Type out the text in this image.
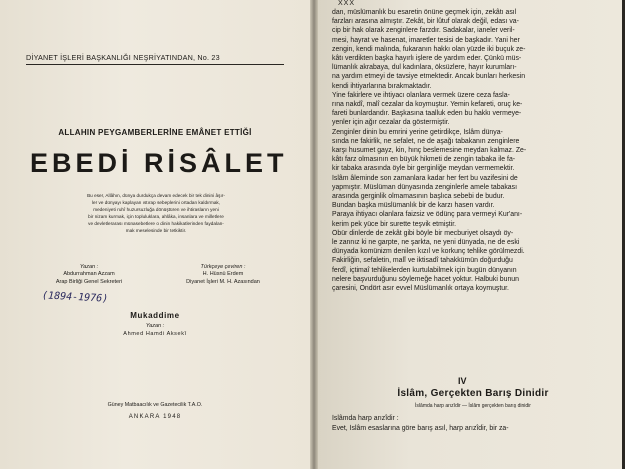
DİYANET İŞLERİ BAŞKANLIĞI NEŞRİYATINDAN, No. 23
ALLAHIN PEYGAMBERLERİNE EMÂNET ETTİĞİ
EBEDİ RİSÂLET
Bu eser, Allâhın, dünya durdukça devam edecek bir tek dinini âşır-
ler ve dünyayı kaplayan ıstırap sebeplerini ortadan kaldırmak,
medeniyeti ruhî huzursuzluğa dönüştüren ve ihtirasların yeni
bir nizam kurmak, için topluluklara, ahlâka, insanlara ve milletlere
ve devletlerarası münasebetlere o dinin hakikatlerinden faydalan-
mak meselesinde bir tetkiktir.
Yazan :
Abdurrahman Azzam
Arap Birliği Genel Sekreteri
Türkçeye çeviren :
H. Hüsnü Erdem
Diyanet İşleri M. H. Azasından
(1894-1976)
Mukaddime
Yazan :
Ahmed Hamdi Aksekî
Güney Matbaacılık ve Gazetecilik T.A.O.
ANKARA 1948
XXX
dan, müslümanlık bu esaretin önüne geçmek için, zekâtı asıl
farzları arasına almıştır. Zekât, bir lûtuf olarak değil, edası va-
cip bir hak olarak zenginlere farzdır. Sadakalar, ianeler veril-
mesi, hayrat ve hasenat, imaretler tesisi de başkadır. Yani her
zengin, kendi malında, fukaranın hakkı olan yüzde iki buçuk ze-
kâtı verdikten başka hayırlı işlere de yardım eder. Çünkü müs-
lümanlık akrabaya, dul kadınlara, öksüzlere, hayır kurumları-
na yardım etmeyi de tavsiye etmektedir. Ancak bunları herkesin
kendi ihtiyarlarına bırakmaktadır.
Yine fakirlere ve ihtiyacı olanlara vermek üzere ceza fasla-
rına nakdî, malî cezalar da koymuştur. Yemin kefareti, oruç ke-
fareti bunlardandır. Başkasına taalluk eden bu hakkı vermeye-
yenler için ağır cezalar da göstermiştir.
Zenginler dinin bu emrini yerine getirdikçe, İslâm dünya-
sında ne fakirlik, ne sefalet, ne de aşağı tabakanın zenginlere
karşı husumet gayz, kin, hınç beslemesine meydan kalmaz. Ze-
kâtı farz olmasının en büyük hikmeti de zengin tabaka ile fa-
kir tabaka arasında öyle bir gerginliğe meydan vermemektir.
İslâm âleminde son zamanlara kadar her fert bu vazifesini de
yapmıştır. Müslüman dünyasında zenginlerle amele tabakası
arasında gerginlik olmamasının başlıca sebebi de budur.
Bundan başka müslümanlık bir de karzı hasen vardır.
Paraya ihtiyacı olanlara faizsiz ve ödünç para vermeyi Kur'anı-
kerim pek yüce bir surette teşvik etmiştir.
Öbür dinlerde de zekât gibi böyle bir mecburiyet olsaydı öy-
le zannız ki ne garpte, ne şarkta, ne yeni dünyada, ne de eski
dünyada komünizm denilen kızıl ve korkunç tehlike görülmezdi.
Fakirliğin, sefaletin, malî ve iktisadî tahakkümün doğurduğu
ferdî, içtimaî tehlikelerden kurtulabilmek için bugün dünyanın
nelere başvurduğunu söylemeğe hacet yoktur. Halbuki bunun
çaresini, Ondört asır evvel Müslümanlık ortaya koymuştur.
IV
İslâm, Gerçekten Barış Dinidir
İslâmda harp arızîdir — İslâm gerçekten barış dinidir
İslâmda harp arızîdir :
Evet, İslâm esaslarına göre barış asıl, harp arızîdir, bir za-
